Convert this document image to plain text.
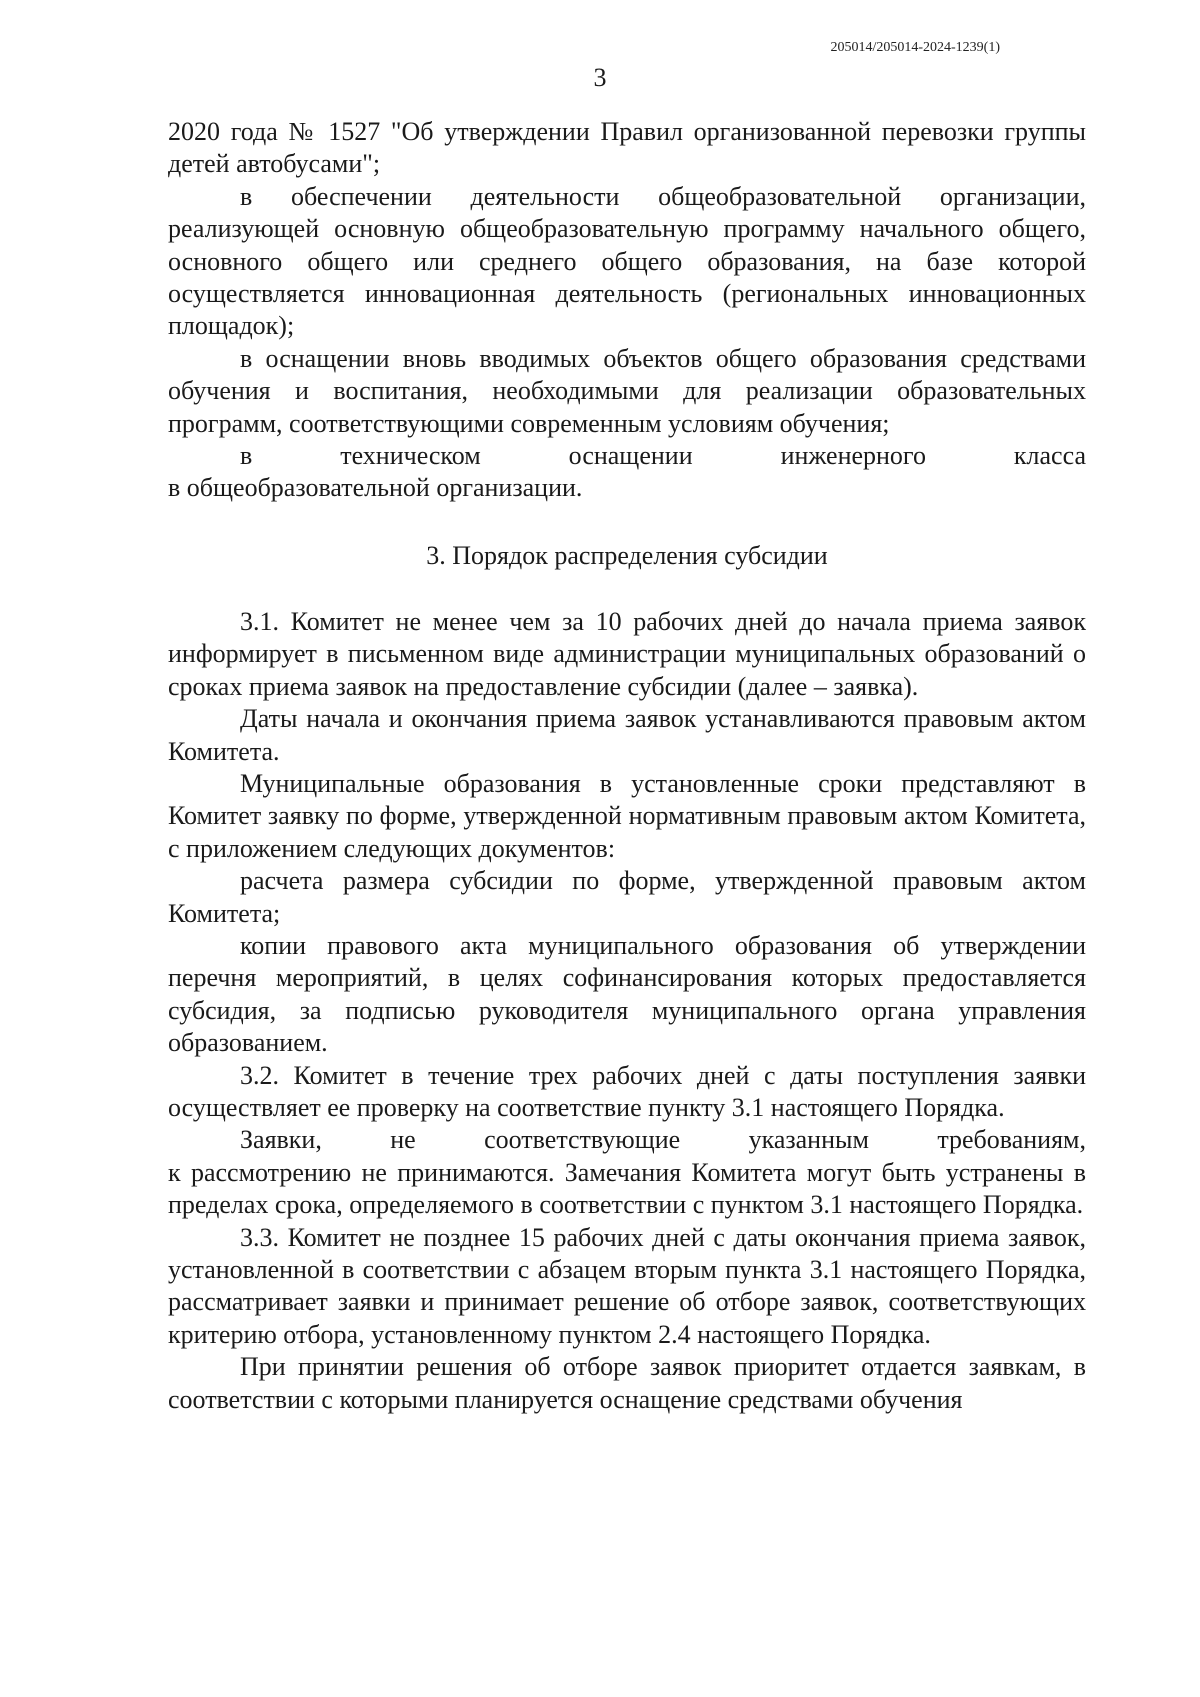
205014/205014-2024-1239(1)
3

2020 года № 1527 "Об утверждении Правил организованной перевозки группы детей автобусами";

в обеспечении деятельности общеобразовательной организации, реализующей основную общеобразовательную программу начального общего, основного общего или среднего общего образования, на базе которой осуществляется инновационная деятельность (региональных инновационных площадок);

в оснащении вновь вводимых объектов общего образования средствами обучения и воспитания, необходимыми для реализации образовательных программ, соответствующими современным условиям обучения;

в техническом оснащении инженерного класса

в общеобразовательной организации.

3. Порядок распределения субсидии

3.1. Комитет не менее чем за 10 рабочих дней до начала приема заявок информирует в письменном виде администрации муниципальных образований о сроках приема заявок на предоставление субсидии (далее – заявка).

Даты начала и окончания приема заявок устанавливаются правовым актом Комитета.

Муниципальные образования в установленные сроки представляют в Комитет заявку по форме, утвержденной нормативным правовым актом Комитета, с приложением следующих документов:

расчета размера субсидии по форме, утвержденной правовым актом Комитета;

копии правового акта муниципального образования об утверждении перечня мероприятий, в целях софинансирования которых предоставляется субсидия, за подписью руководителя муниципального органа управления образованием.

3.2. Комитет в течение трех рабочих дней с даты поступления заявки осуществляет ее проверку на соответствие пункту 3.1 настоящего Порядка.

Заявки, не соответствующие указанным требованиям,

к рассмотрению не принимаются. Замечания Комитета могут быть устранены в пределах срока, определяемого в соответствии с пунктом 3.1 настоящего Порядка.

3.3. Комитет не позднее 15 рабочих дней с даты окончания приема заявок, установленной в соответствии с абзацем вторым пункта 3.1 настоящего Порядка, рассматривает заявки и принимает решение об отборе заявок, соответствующих критерию отбора, установленному пунктом 2.4 настоящего Порядка.

При принятии решения об отборе заявок приоритет отдается заявкам, в соответствии с которыми планируется оснащение средствами обучения
